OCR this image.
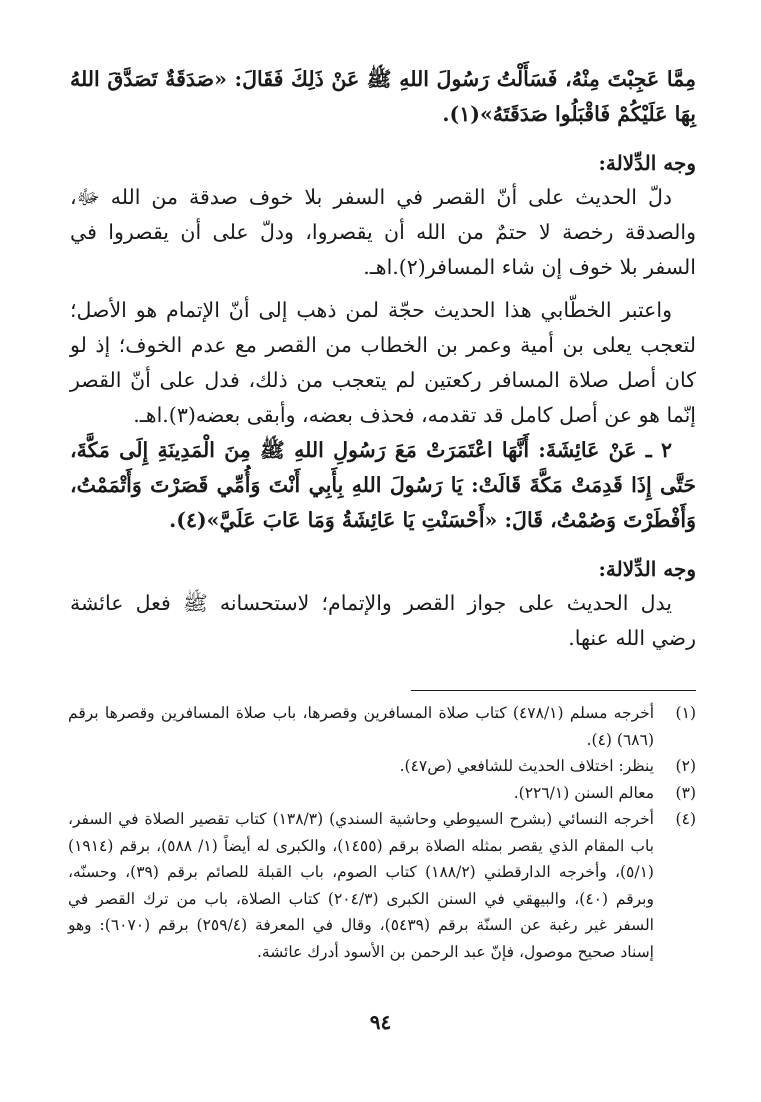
مِمَّا عَجِبْتَ مِنْهُ، فَسَأَلْتُ رَسُولَ اللهِ ﷺ عَنْ ذَلِكَ فَقَالَ: «صَدَقَةٌ تَصَدَّقَ اللهُ بِهَا عَلَيْكُمْ فَاقْبَلُوا صَدَقَتَهُ»(١).

وجه الدِّلالة:

دلّ الحديث على أنّ القصر في السفر بلا خوف صدقة من الله ﷻ، والصدقة رخصة لا حتمٌ من الله أن يقصروا، ودلّ على أن يقصروا في السفر بلا خوف إن شاء المسافر(٢).اهـ.

واعتبر الخطّابي هذا الحديث حجّة لمن ذهب إلى أنّ الإتمام هو الأصل؛ لتعجب يعلى بن أمية وعمر بن الخطاب من القصر مع عدم الخوف؛ إذ لو كان أصل صلاة المسافر ركعتين لم يتعجب من ذلك، فدل على أنّ القصر إنّما هو عن أصل كامل قد تقدمه، فحذف بعضه، وأبقى بعضه(٣).اهـ.

٢ ـ عَنْ عَائِشَةَ: أَنَّهَا اعْتَمَرَتْ مَعَ رَسُولِ اللهِ ﷺ مِنَ الْمَدِينَةِ إِلَى مَكَّةَ، حَتَّى إِذَا قَدِمَتْ مَكَّةَ قَالَتْ: يَا رَسُولَ اللهِ بِأَبِي أَنْتَ وَأُمِّي قَصَرْتَ وَأَتْمَمْتُ، وَأَفْطَرْتَ وَصُمْتُ، قَالَ: «أَحْسَنْتِ يَا عَائِشَةُ وَمَا عَابَ عَلَيَّ»(٤).

وجه الدِّلالة:

يدل الحديث على جواز القصر والإتمام؛ لاستحسانه ﷺ فعل عائشة رضي الله عنها.

(١)
أخرجه مسلم (٤٧٨/١) كتاب صلاة المسافرين وقصرها، باب صلاة المسافرين وقصرها برقم (٦٨٦) (٤).
(٢)
ينظر: اختلاف الحديث للشافعي (ص٤٧).
(٣)
معالم السنن (٢٢٦/١).
(٤)
أخرجه النسائي (بشرح السيوطي وحاشية السندي) (١٣٨/٣) كتاب تقصير الصلاة في السفر، باب المقام الذي يقصر بمثله الصلاة برقم (١٤٥٥)، والكبرى له أيضاً (١/ ٥٨٨)، برقم (١٩١٤)(٥/١)، وأخرجه الدارقطني (١٨٨/٢) كتاب الصوم، باب القبلة للصائم برقم (٣٩)، وحسنّه، وبرقم (٤٠)، والبيهقي في السنن الكبرى (٢٠٤/٣) كتاب الصلاة، باب من ترك القصر في السفر غير رغبة عن السنّة برقم (٥٤٣٩)، وقال في المعرفة (٢٥٩/٤) برقم (٦٠٧٠): وهو إسناد صحيح موصول، فإنّ عبد الرحمن بن الأسود أدرك عائشة.
٩٤
